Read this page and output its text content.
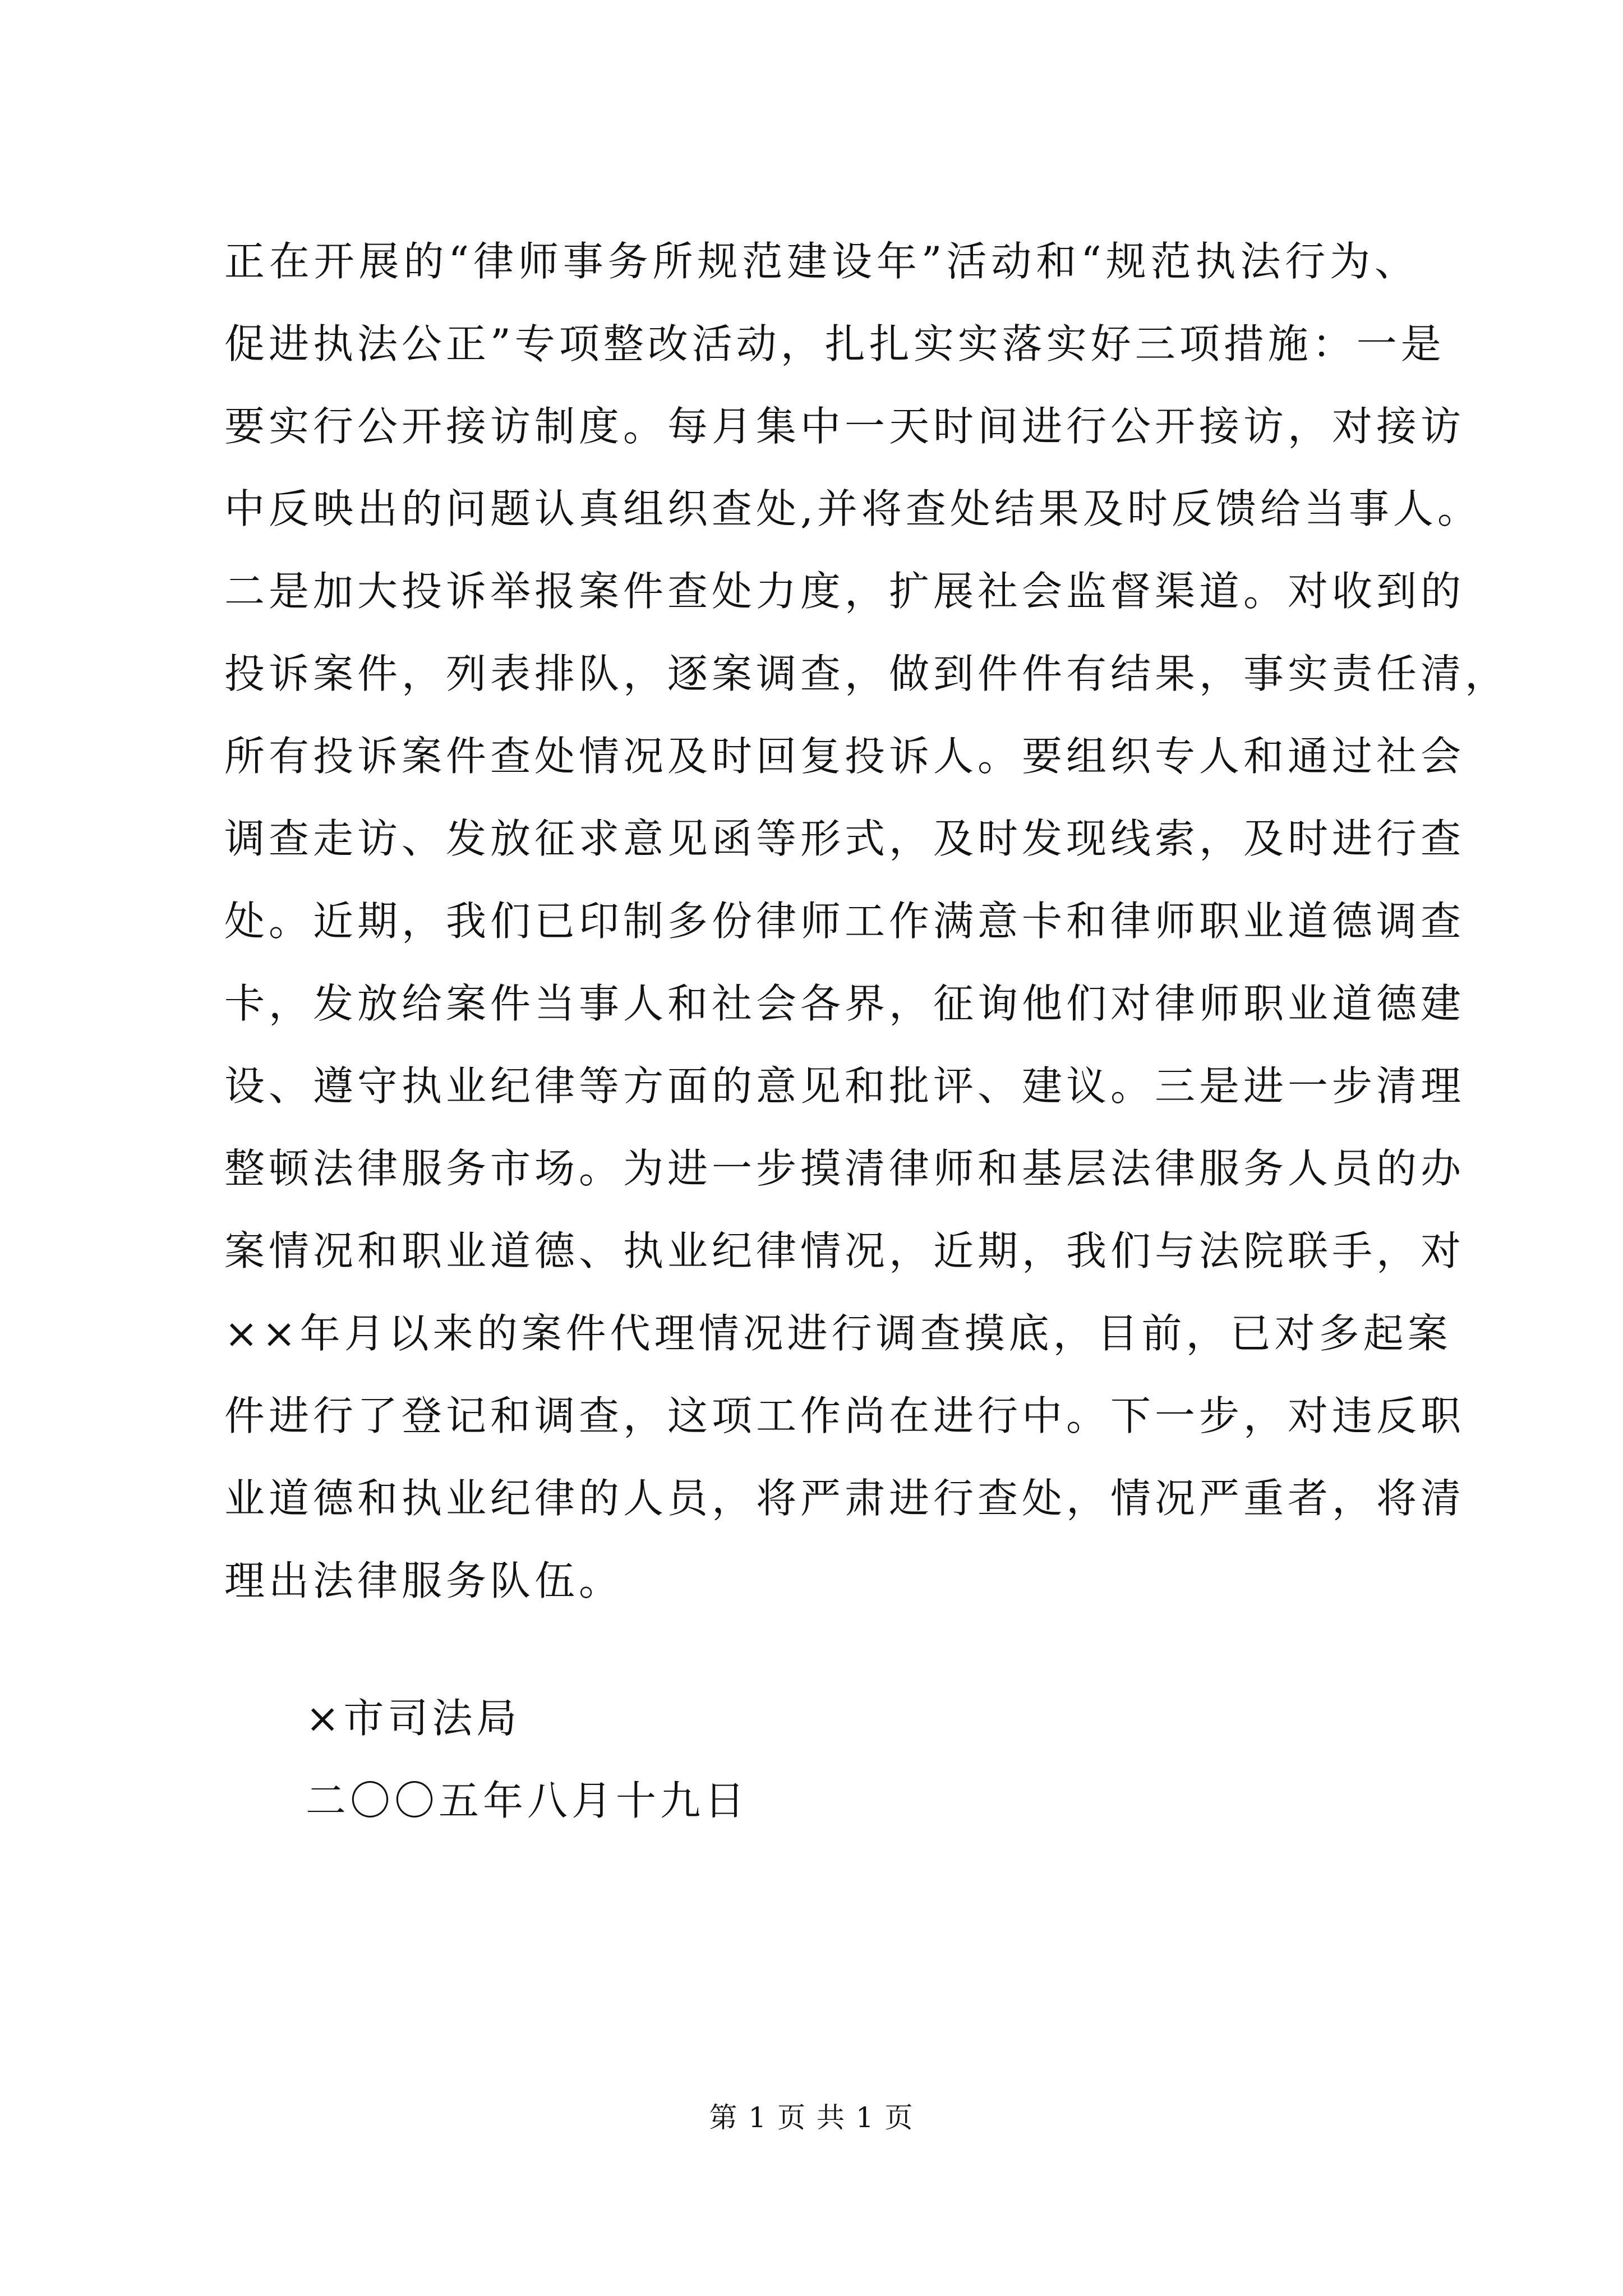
正在开展的“律师事务所规范建设年”活动和“规范执法行为、
促进执法公正”专项整改活动，扎扎实实落实好三项措施：一是
要实行公开接访制度。每月集中一天时间进行公开接访，对接访
中反映出的问题认真组织查处,并将查处结果及时反馈给当事人。
二是加大投诉举报案件查处力度，扩展社会监督渠道。对收到的
投诉案件，列表排队，逐案调查，做到件件有结果，事实责任清，
所有投诉案件查处情况及时回复投诉人。要组织专人和通过社会
调查走访、发放征求意见函等形式，及时发现线索，及时进行查
处。近期，我们已印制多份律师工作满意卡和律师职业道德调查
卡，发放给案件当事人和社会各界，征询他们对律师职业道德建
设、遵守执业纪律等方面的意见和批评、建议。三是进一步清理
整顿法律服务市场。为进一步摸清律师和基层法律服务人员的办
案情况和职业道德、执业纪律情况，近期，我们与法院联手，对
××年月以来的案件代理情况进行调查摸底，目前，已对多起案
件进行了登记和调查，这项工作尚在进行中。下一步，对违反职
业道德和执业纪律的人员，将严肃进行查处，情况严重者，将清
理出法律服务队伍。
×市司法局
二〇〇五年八月十九日
第 1 页 共 1 页
